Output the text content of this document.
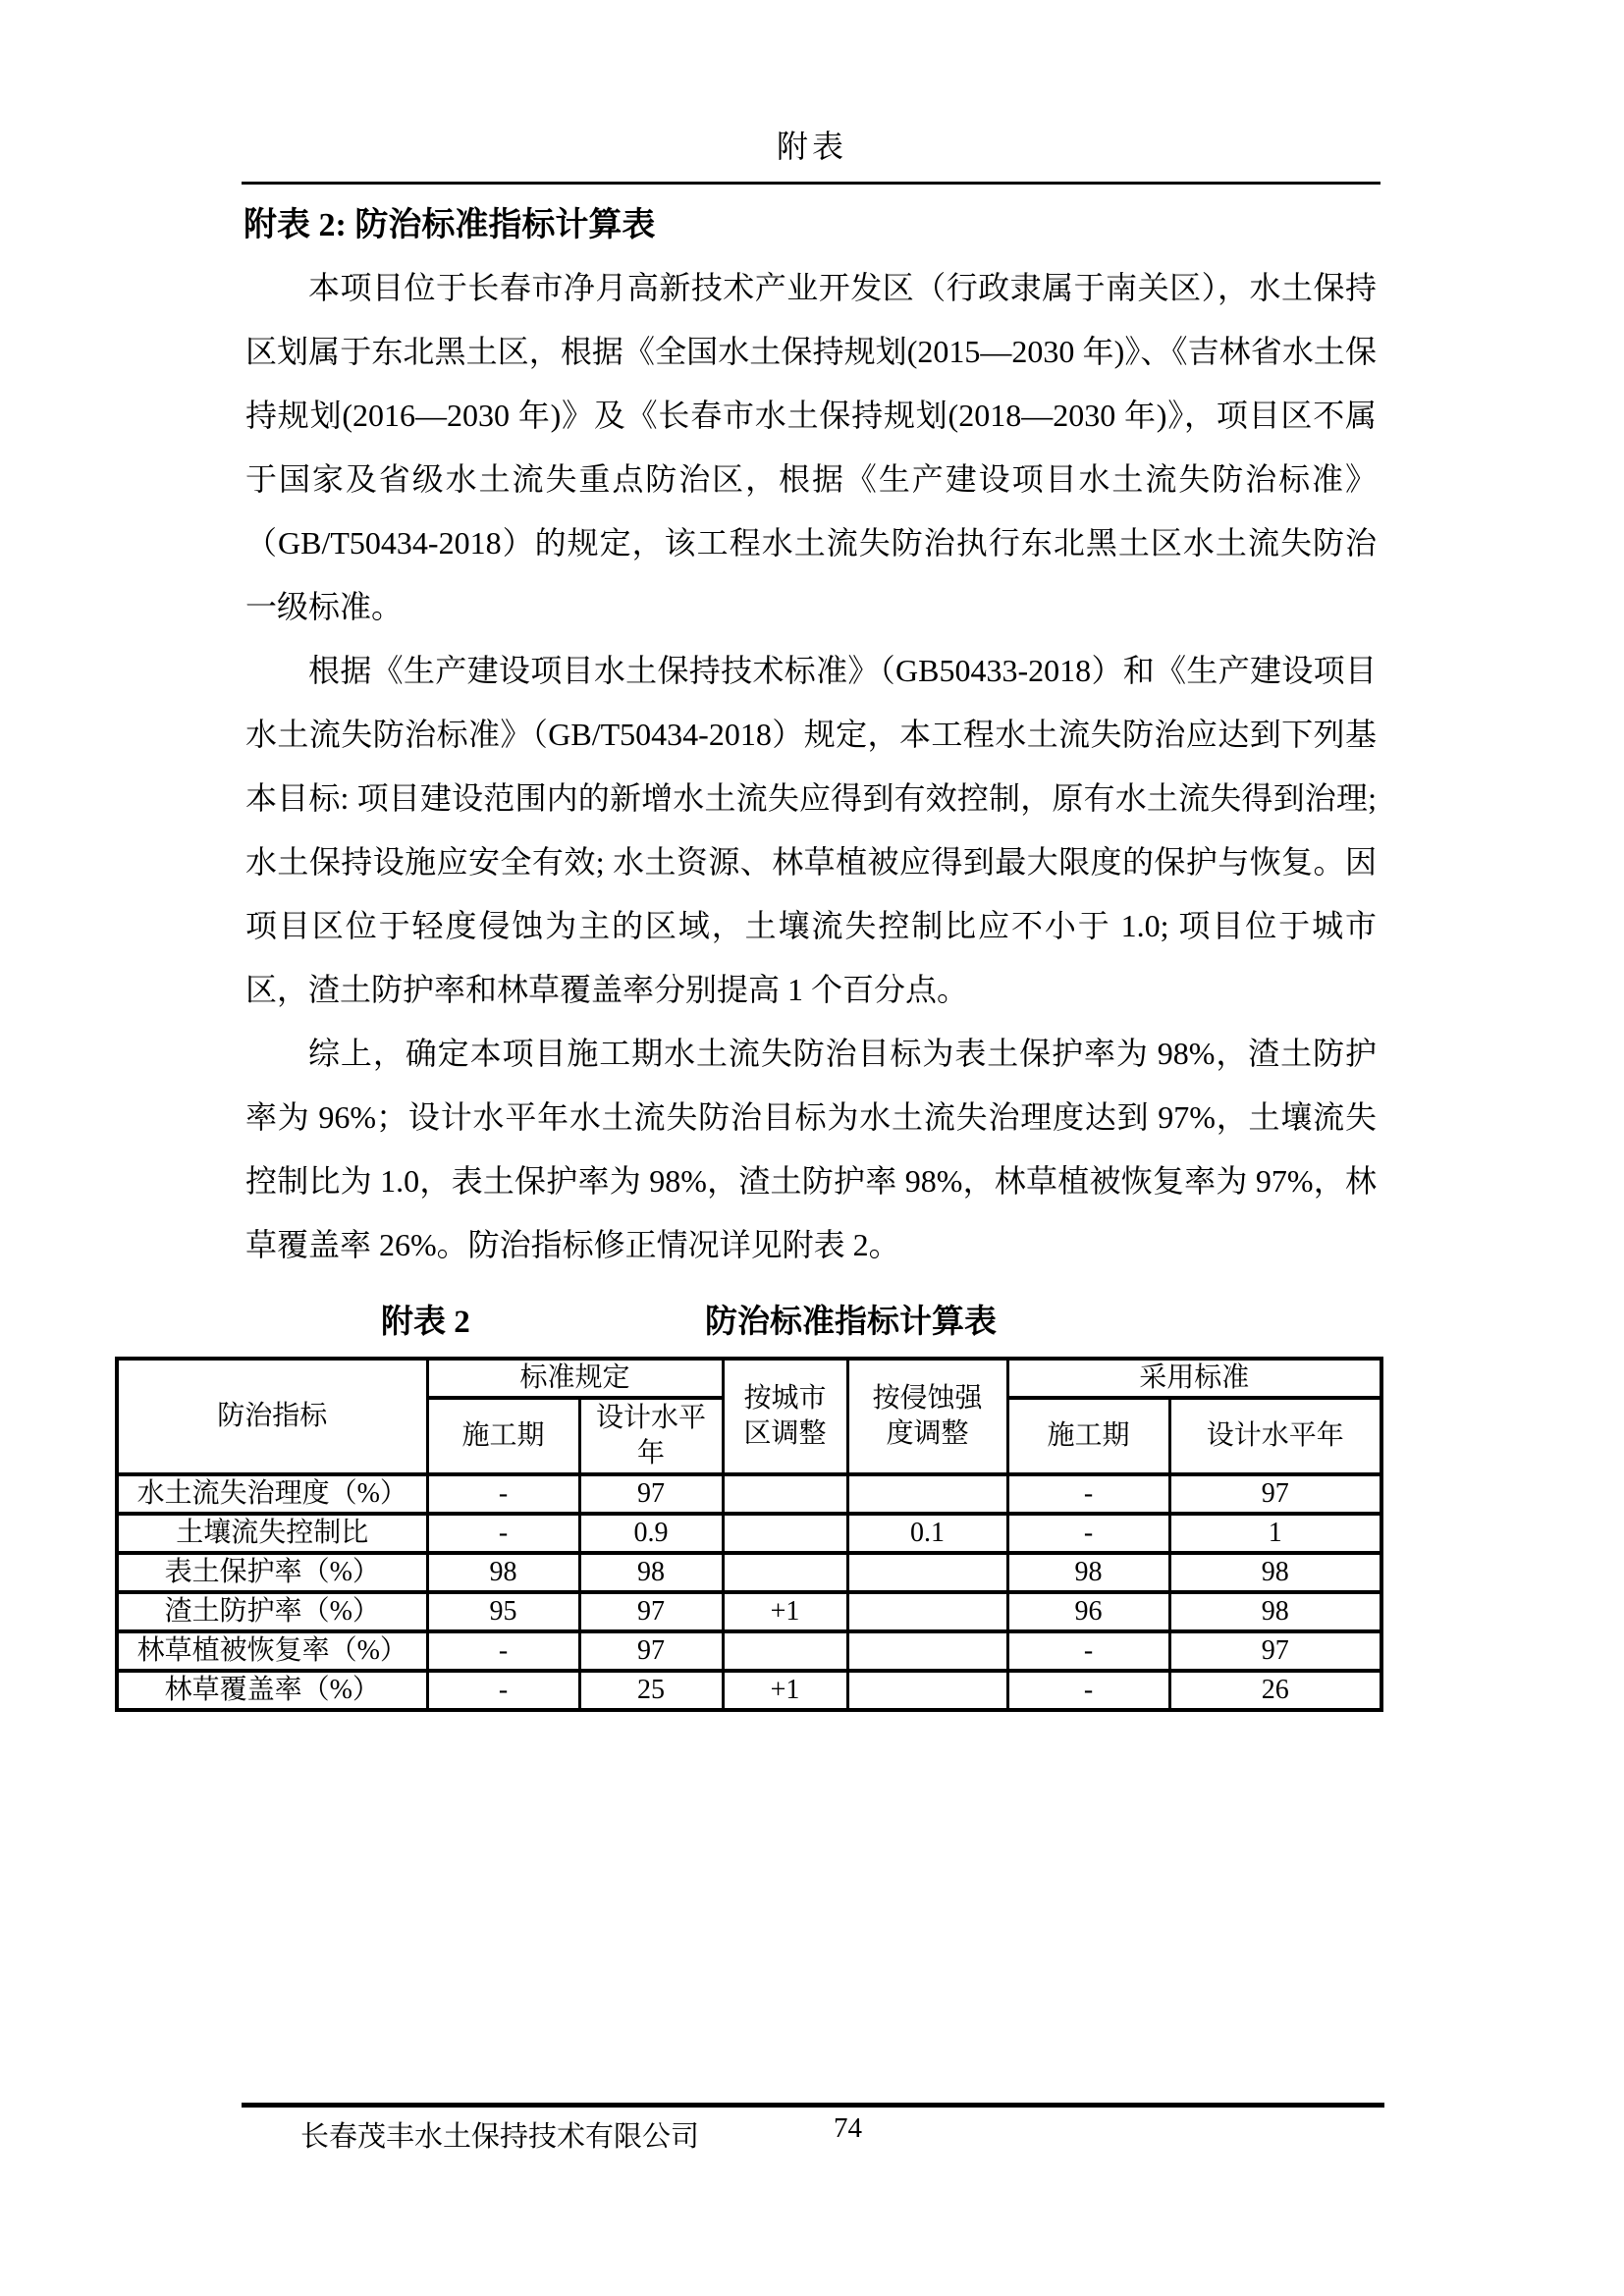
附表
附表 2: 防治标准指标计算表

本项目位于长春市净月高新技术产业开发区（行政隶属于南关区），水土保持区划属于东北黑土区，根据《全国水土保持规划(2015—2030 年)》、《吉林省水土保持规划(2016—2030 年)》及《长春市水土保持规划(2018—2030 年)》，项目区不属于国家及省级水土流失重点防治区，根据《生产建设项目水土流失防治标准》（GB/T50434-2018）的规定，该工程水土流失防治执行东北黑土区水土流失防治一级标准。

根据《生产建设项目水土保持技术标准》（GB50433-2018）和《生产建设项目水土流失防治标准》（GB/T50434-2018）规定，本工程水土流失防治应达到下列基本目标: 项目建设范围内的新增水土流失应得到有效控制，原有水土流失得到治理; 水土保持设施应安全有效; 水土资源、林草植被应得到最大限度的保护与恢复。因项目区位于轻度侵蚀为主的区域，土壤流失控制比应不小于 1.0; 项目位于城市区，渣土防护率和林草覆盖率分别提高 1 个百分点。

综上，确定本项目施工期水土流失防治目标为表土保护率为 98%，渣土防护率为 96%；设计水平年水土流失防治目标为水土流失治理度达到 97%，土壤流失控制比为 1.0，表土保护率为 98%，渣土防护率 98%，林草植被恢复率为 97%，林草覆盖率 26%。防治指标修正情况详见附表 2。

附表 2	防治标准指标计算表
防治指标	标准规定		按城市区调整	按侵蚀强度调整	采用标准	
	施工期	设计水平年			施工期	设计水平年
水土流失治理度（%）	-	97			-	97
土壤流失控制比	-	0.9		0.1	-	1
表土保护率（%）	98	98			98	98
渣土防护率（%）	95	97	+1		96	98
林草植被恢复率（%）	-	97			-	97
林草覆盖率（%）	-	25	+1		-	26
长春茂丰水土保持技术有限公司	74
